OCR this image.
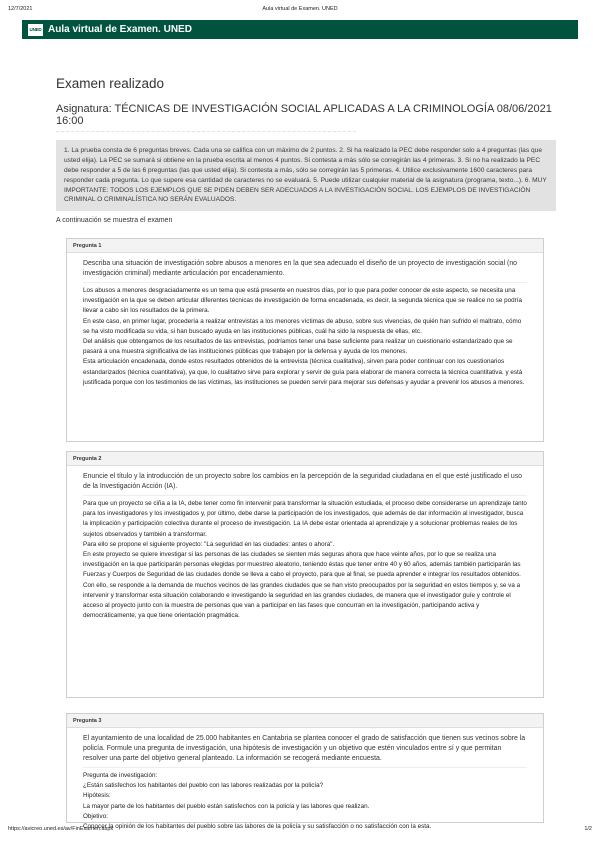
12/7/2021	Aula virtual de Examen. UNED
UNED Aula virtual de Examen. UNED
Examen realizado
Asignatura: TÉCNICAS DE INVESTIGACIÓN SOCIAL APLICADAS A LA CRIMINOLOGÍA 08/06/2021 16:00
1. La prueba consta de 6 preguntas breves. Cada una se califica con un máximo de 2 puntos. 2. Si ha realizado la PEC debe responder solo a 4 preguntas (las que usted elija). La PEC se sumará si obtiene en la prueba escrita al menos 4 puntos. Si contesta a más sólo se corregirán las 4 primeras. 3. Si no ha realizado la PEC debe responder a 5 de las 6 preguntas (las que usted elija). Si contesta a más, sólo se corregirán las 5 primeras. 4. Utilice exclusivamente 1600 caracteres para responder cada pregunta. Lo que supere esa cantidad de caracteres no se evaluará. 5. Puede utilizar cualquier material de la asignatura (programa, texto...). 6. MUY IMPORTANTE: TODOS LOS EJEMPLOS QUE SE PIDEN DEBEN SER ADECUADOS A LA INVESTIGACIÓN SOCIAL. LOS EJEMPLOS DE INVESTIGACIÓN CRIMINAL O CRIMINALÍSTICA NO SERÁN EVALUADOS.
A continuación se muestra el examen
Pregunta 1
Describa una situación de investigación sobre abusos a menores en la que sea adecuado el diseño de un proyecto de investigación social (no investigación criminal) mediante articulación por encadenamiento.

Los abusos a menores desgraciadamente es un tema que está presente en nuestros días, por lo que para poder conocer de este aspecto, se necesita una investigación en la que se deben articular diferentes técnicas de investigación de forma encadenada, es decir, la segunda técnica que se realice no se podría llevar a cabo sin los resultados de la primera.

En este caso, en primer lugar, procedería a realizar entrevistas a los menores víctimas de abuso, sobre sus vivencias, de quién han sufrido el maltrato, cómo se ha visto modificada su vida, si han buscado ayuda en las instituciones públicas, cuál ha sido la respuesta de ellas, etc.

Del análisis que obtengamos de los resultados de las entrevistas, podríamos tener una base suficiente para realizar un cuestionario estandarizado que se pasará a una muestra significativa de las instituciones públicas que trabajen por la defensa y ayuda de los menores.

Esta articulación encadenada, donde estos resultados obtenidos de la entrevista (técnica cualitativa), sirven para poder continuar con los cuestionarios estandarizados (técnica cuantitativa), ya que, lo cualitativo sirve para explorar y servir de guía para elaborar de manera correcta la técnica cuantitativa. y está justificada porque con los testimonios de las víctimas, las instituciones se pueden servir para mejorar sus defensas y ayudar a prevenir los abusos a menores.

Pregunta 2
Enuncie el título y la introducción de un proyecto sobre los cambios en la percepción de la seguridad ciudadana en el que esté justificado el uso de la Investigación Acción (IA).

Para que un proyecto se ciña a la IA, debe tener como fin intervenir para transformar la situación estudiada, el proceso debe considerarse un aprendizaje tanto para los investigadores y los investigados y, por último, debe darse la participación de los investigados, que además de dar información al investigador, busca la implicación y participación colectiva durante el proceso de investigación. La IA debe estar orientada al aprendizaje y a solucionar problemas reales de los sujetos observados y también a transformar.

Para ello se propone el siguiente proyecto: "La seguridad en las ciudades: antes o ahora".

En este proyecto se quiere investigar si las personas de las ciudades se sienten más seguras ahora que hace veinte años, por lo que se realiza una investigación en la que participarán personas elegidas por muestreo aleatorio, teniendo éstas que tener entre 40 y 60 años, además también participarán las Fuerzas y Cuerpos de Seguridad de las ciudades donde se lleva a cabo el proyecto, para que al final, se pueda aprender e integrar los resultados obtenidos.

Con ello, se responde a la demanda de muchos vecinos de las grandes ciudades que se han visto preocupados por la seguridad en estos tiempos y, se va a intervenir y transformar esta situación colaborando e investigando la seguridad en las grandes ciudades, de manera que el investigador guíe y controle el acceso al proyecto junto con la muestra de personas que van a participar en las fases que concurran en la investigación, participando activa y democráticamente, ya que tiene orientación pragmática.

Pregunta 3
El ayuntamiento de una localidad de 25.000 habitantes en Cantabria se plantea conocer el grado de satisfacción que tienen sus vecinos sobre la policía. Formule una pregunta de investigación, una hipótesis de investigación y un objetivo que estén vinculados entre sí y que permitan resolver una parte del objetivo general planteado. La información se recogerá mediante encuesta.

Pregunta de investigación:

¿Están satisfechos los habitantes del pueblo con las labores realizadas por la policía?

Hipótesis:

La mayor parte de los habitantes del pueblo están satisfechos con la policía y las labores que realizan.

Objetivo:

Conocer la opinión de los habitantes del pueblo sobre las labores de la policía y su satisfacción o no satisfacción con la esta.

https://avicreo.uned.es/av/FinExamen.aspx	1/2
